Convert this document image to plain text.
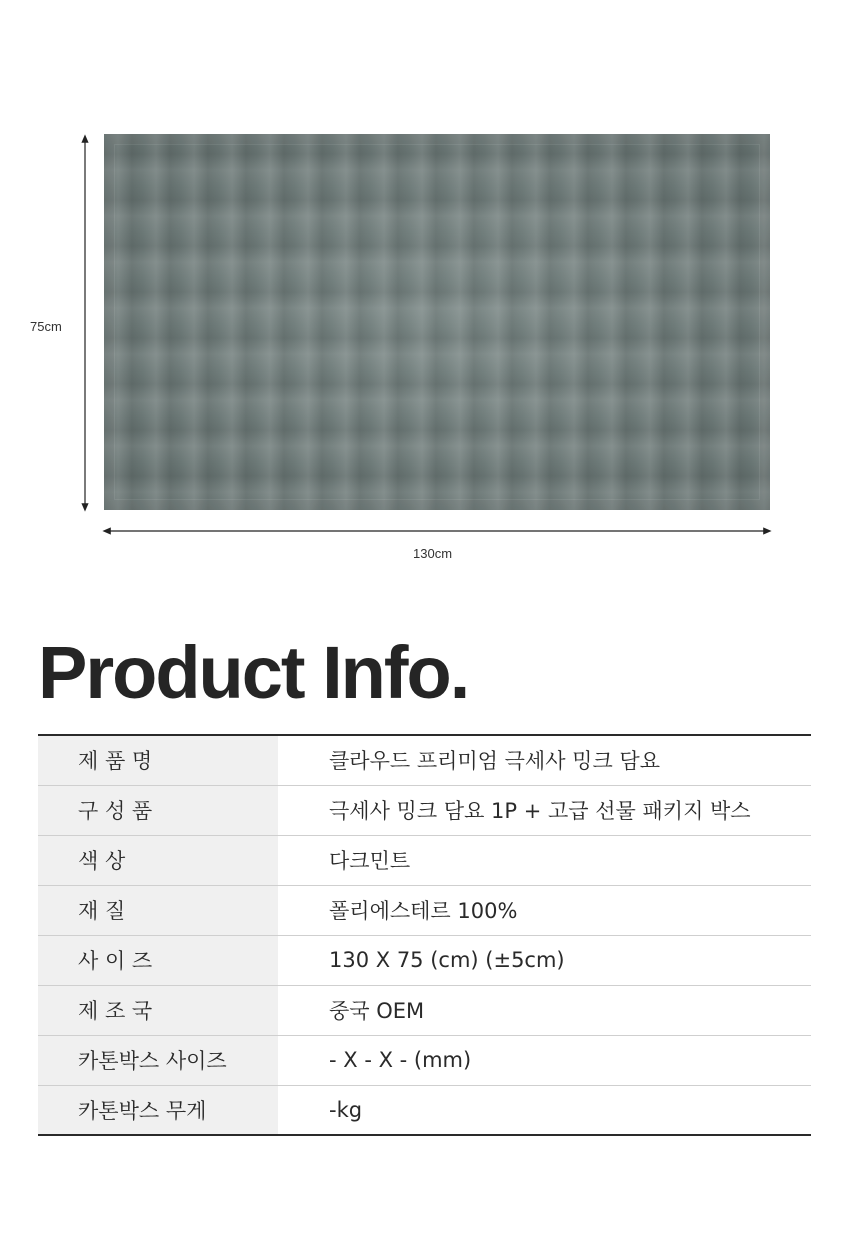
75cm
130cm
Product Info.
제 품 명	클라우드 프리미엄 극세사 밍크 담요
구 성 품	극세사 밍크 담요 1P + 고급 선물 패키지 박스
색 상	다크민트
재 질	폴리에스테르 100%
사 이 즈	130 X 75 (cm) (±5cm)
제 조 국	중국 OEM
카톤박스 사이즈	- X - X - (mm)
카톤박스 무게	-kg
